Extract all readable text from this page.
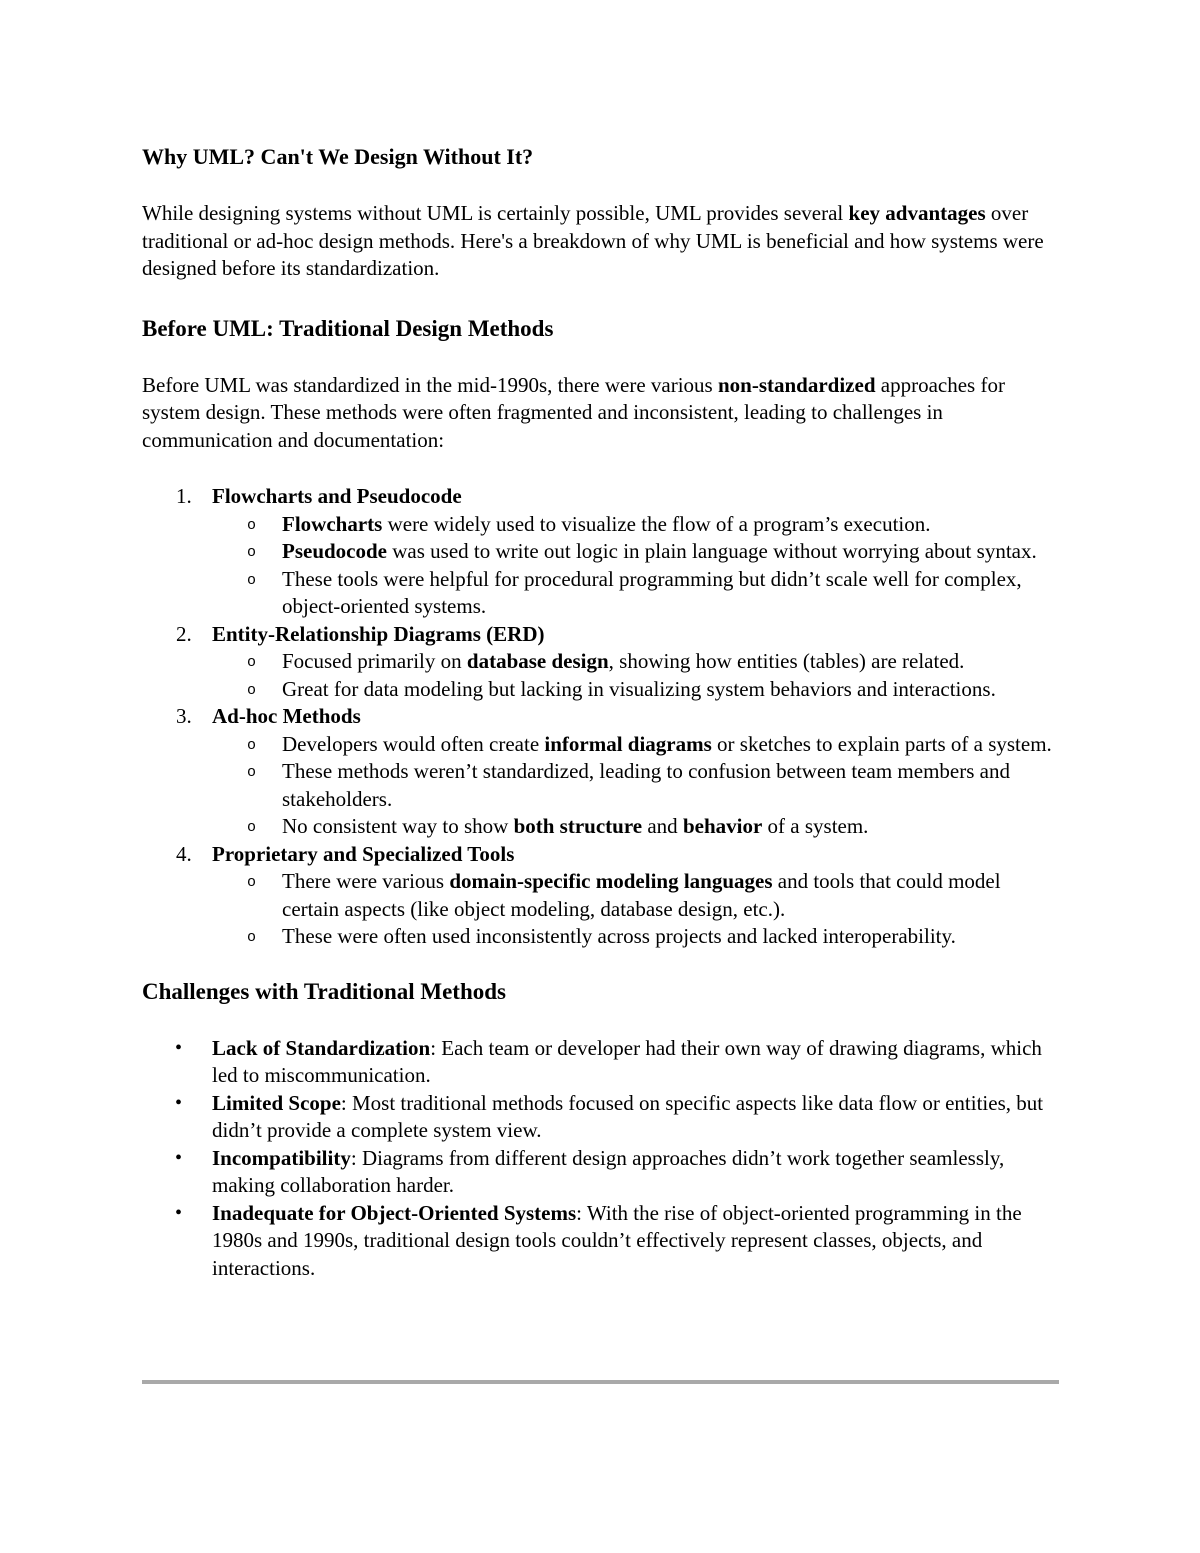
Why UML? Can't We Design Without It?

While designing systems without UML is certainly possible, UML provides several key advantages over traditional or ad-hoc design methods. Here's a breakdown of why UML is beneficial and how systems were designed before its standardization.

Before UML: Traditional Design Methods

Before UML was standardized in the mid-1990s, there were various non-standardized approaches for system design. These methods were often fragmented and inconsistent, leading to challenges in communication and documentation:

1. Flowcharts and Pseudocode
o Flowcharts were widely used to visualize the flow of a program’s execution.
o Pseudocode was used to write out logic in plain language without worrying about syntax.
o These tools were helpful for procedural programming but didn’t scale well for complex, object-oriented systems.
2. Entity-Relationship Diagrams (ERD)
o Focused primarily on database design, showing how entities (tables) are related.
o Great for data modeling but lacking in visualizing system behaviors and interactions.
3. Ad-hoc Methods
o Developers would often create informal diagrams or sketches to explain parts of a system.
o These methods weren’t standardized, leading to confusion between team members and stakeholders.
o No consistent way to show both structure and behavior of a system.
4. Proprietary and Specialized Tools
o There were various domain-specific modeling languages and tools that could model certain aspects (like object modeling, database design, etc.).
o These were often used inconsistently across projects and lacked interoperability.
Challenges with Traditional Methods
• Lack of Standardization: Each team or developer had their own way of drawing diagrams, which led to miscommunication.
• Limited Scope: Most traditional methods focused on specific aspects like data flow or entities, but didn’t provide a complete system view.
• Incompatibility: Diagrams from different design approaches didn’t work together seamlessly, making collaboration harder.
• Inadequate for Object-Oriented Systems: With the rise of object-oriented programming in the 1980s and 1990s, traditional design tools couldn’t effectively represent classes, objects, and interactions.
